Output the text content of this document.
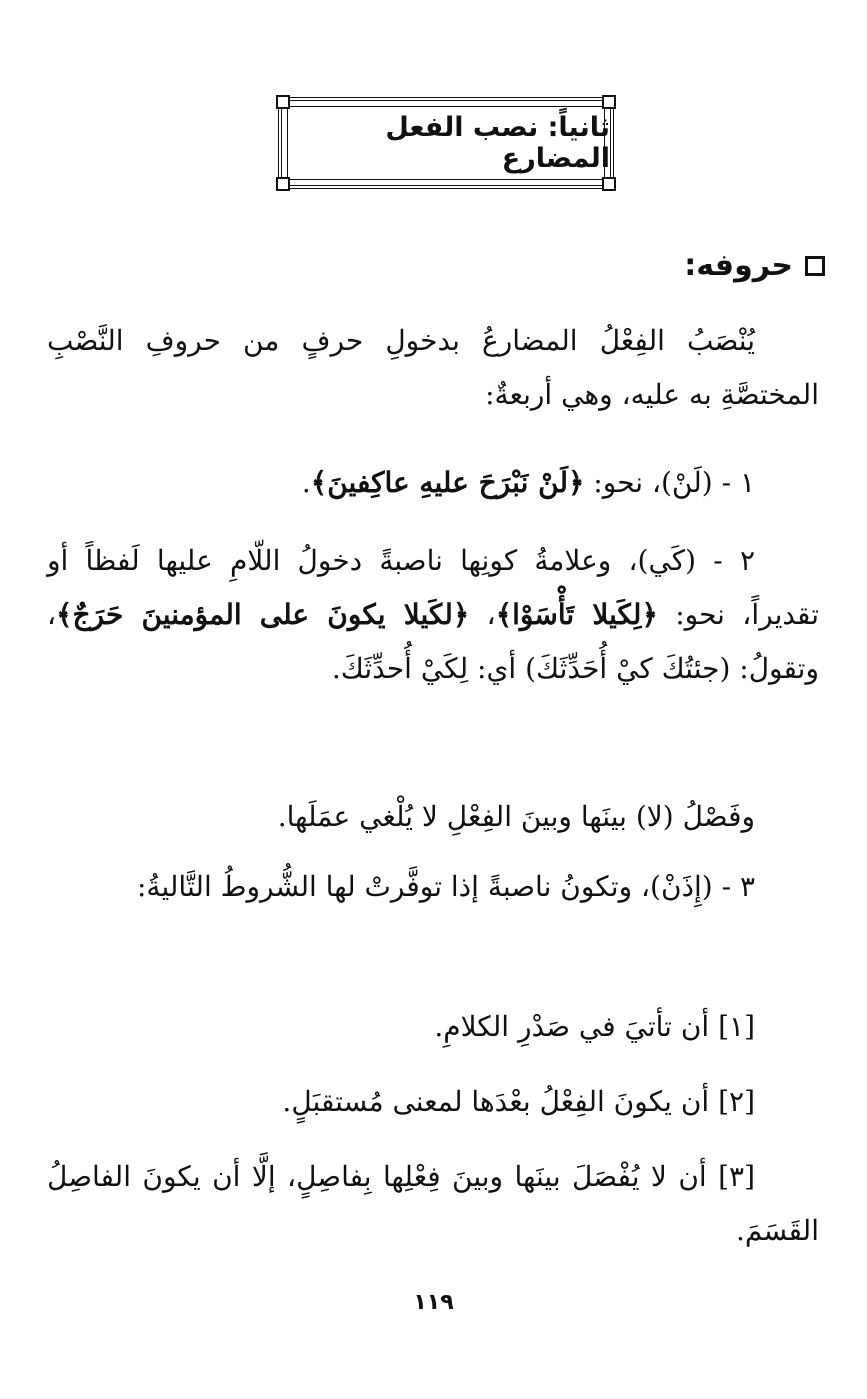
ثانياً: نصب الفعل المضارع
حروفه:

يُنْصَبُ الفِعْلُ المضارعُ بدخولِ حرفٍ من حروفِ النَّصْبِ المختصَّةِ به عليه، وهي أربعةٌ:

١ - (لَنْ)، نحو: ﴿لَنْ نَبْرَحَ عليهِ عاكِفينَ﴾.

٢ - (كَي)، وعلامةُ كونِها ناصبةً دخولُ اللّامِ عليها لَفظاً أو تقديراً، نحو: ﴿لِكَيلا تَأْسَوْا﴾، ﴿لكَيلا يكونَ على المؤمنينَ حَرَجٌ﴾، وتقولُ: (جئتُكَ كيْ أُحَدِّثَكَ) أي: لِكَيْ أُحدِّثَكَ.

وفَصْلُ (لا) بينَها وبينَ الفِعْلِ لا يُلْغي عمَلَها.

٣ - (إِذَنْ)، وتكونُ ناصبةً إذا توفَّرتْ لها الشُّروطُ التَّاليةُ:

[١] أن تأتيَ في صَدْرِ الكلامِ.

[٢] أن يكونَ الفِعْلُ بعْدَها لمعنى مُستقبَلٍ.

[٣] أن لا يُفْصَلَ بينَها وبينَ فِعْلِها بِفاصِلٍ، إلَّا أن يكونَ الفاصِلُ القَسَمَ.

١١٩
